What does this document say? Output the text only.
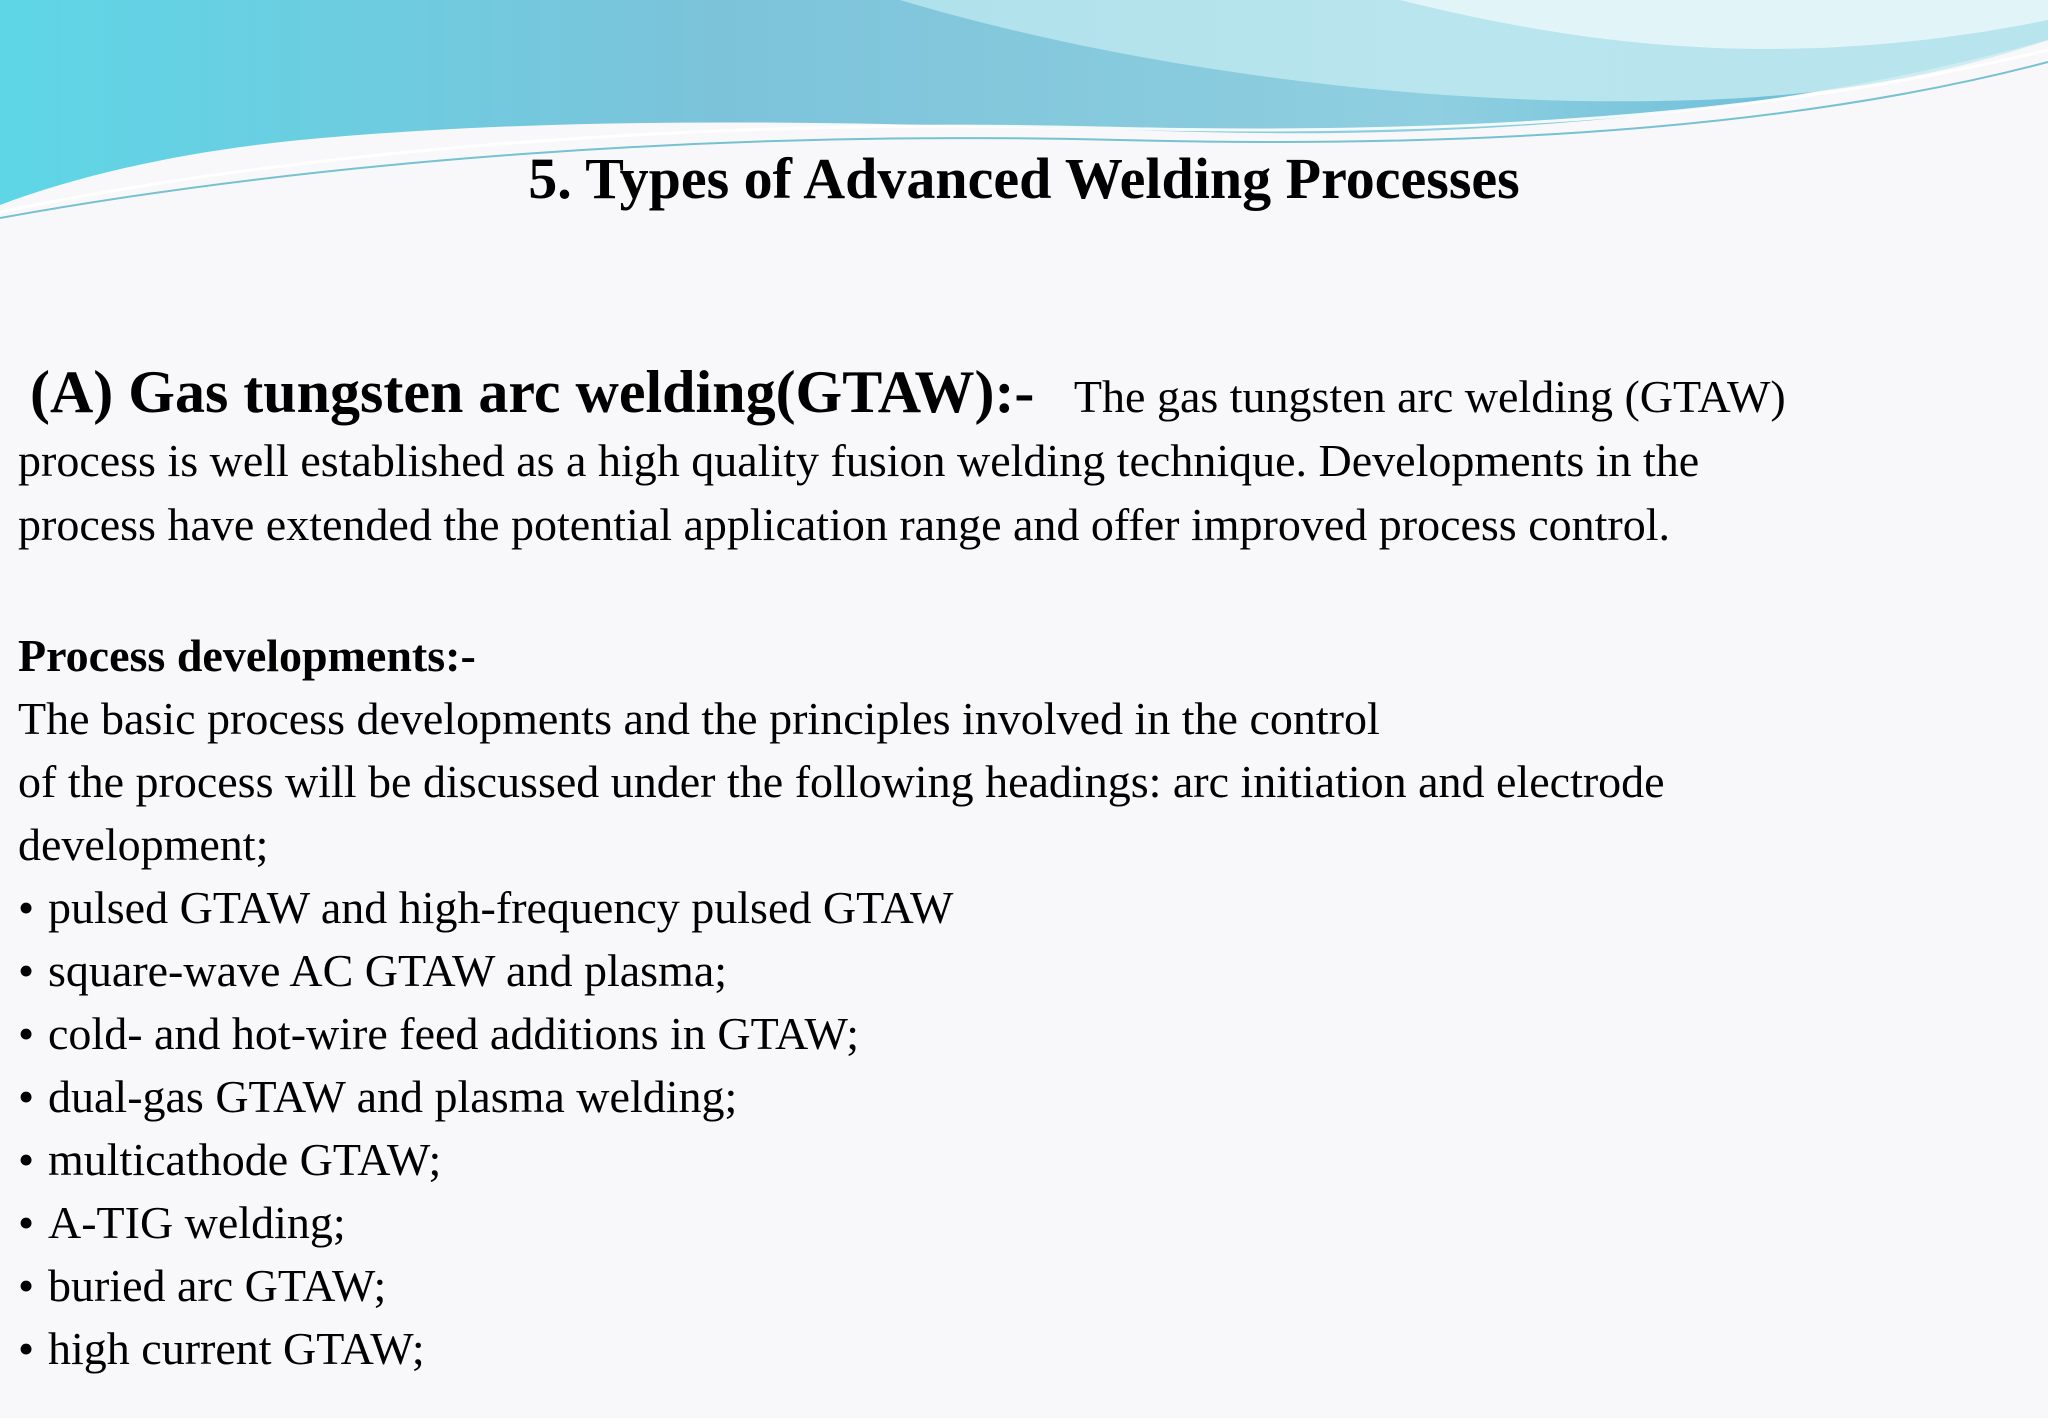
5. Types of Advanced Welding Processes
(A) Gas tungsten arc welding(GTAW):- The gas tungsten arc welding (GTAW)
process is well established as a high quality fusion welding technique. Developments in the
process have extended the potential application range and offer improved process control.
Process developments:-
The basic process developments and the principles involved in the control
of the process will be discussed under the following headings: arc initiation and electrode
development;
• pulsed GTAW and high-frequency pulsed GTAW
• square-wave AC GTAW and plasma;
• cold- and hot-wire feed additions in GTAW;
• dual-gas GTAW and plasma welding;
• multicathode GTAW;
• A-TIG welding;
• buried arc GTAW;
• high current GTAW;
